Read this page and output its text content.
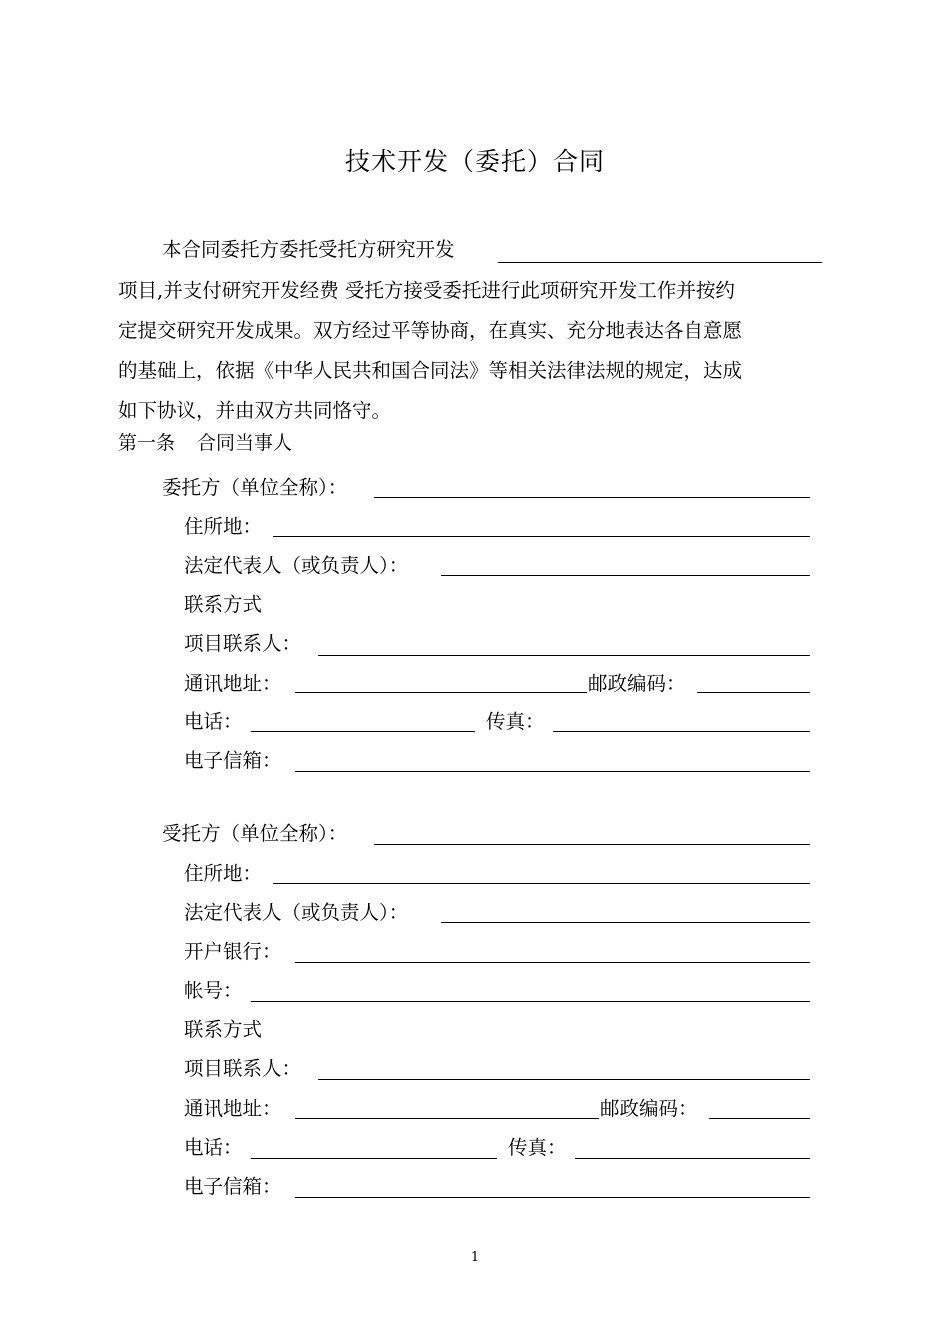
技术开发（委托）合同
本合同委托方委托受托方研究开发
项目,并支付研究开发经费 受托方接受委托进行此项研究开发工作并按约
定提交研究开发成果。双方经过平等协商，在真实、充分地表达各自意愿
的基础上，依据《中华人民共和国合同法》等相关法律法规的规定，达成
如下协议，并由双方共同恪守。
第一条 合同当事人
委托方（单位全称）：
住所地：
法定代表人（或负责人）：
联系方式
项目联系人：
通讯地址：	邮政编码：
电话：	传真：
电子信箱：
受托方（单位全称）：
住所地：
法定代表人（或负责人）：
开户银行：
帐号：
联系方式
项目联系人：
通讯地址：	邮政编码：
电话：	传真：
电子信箱：
1
